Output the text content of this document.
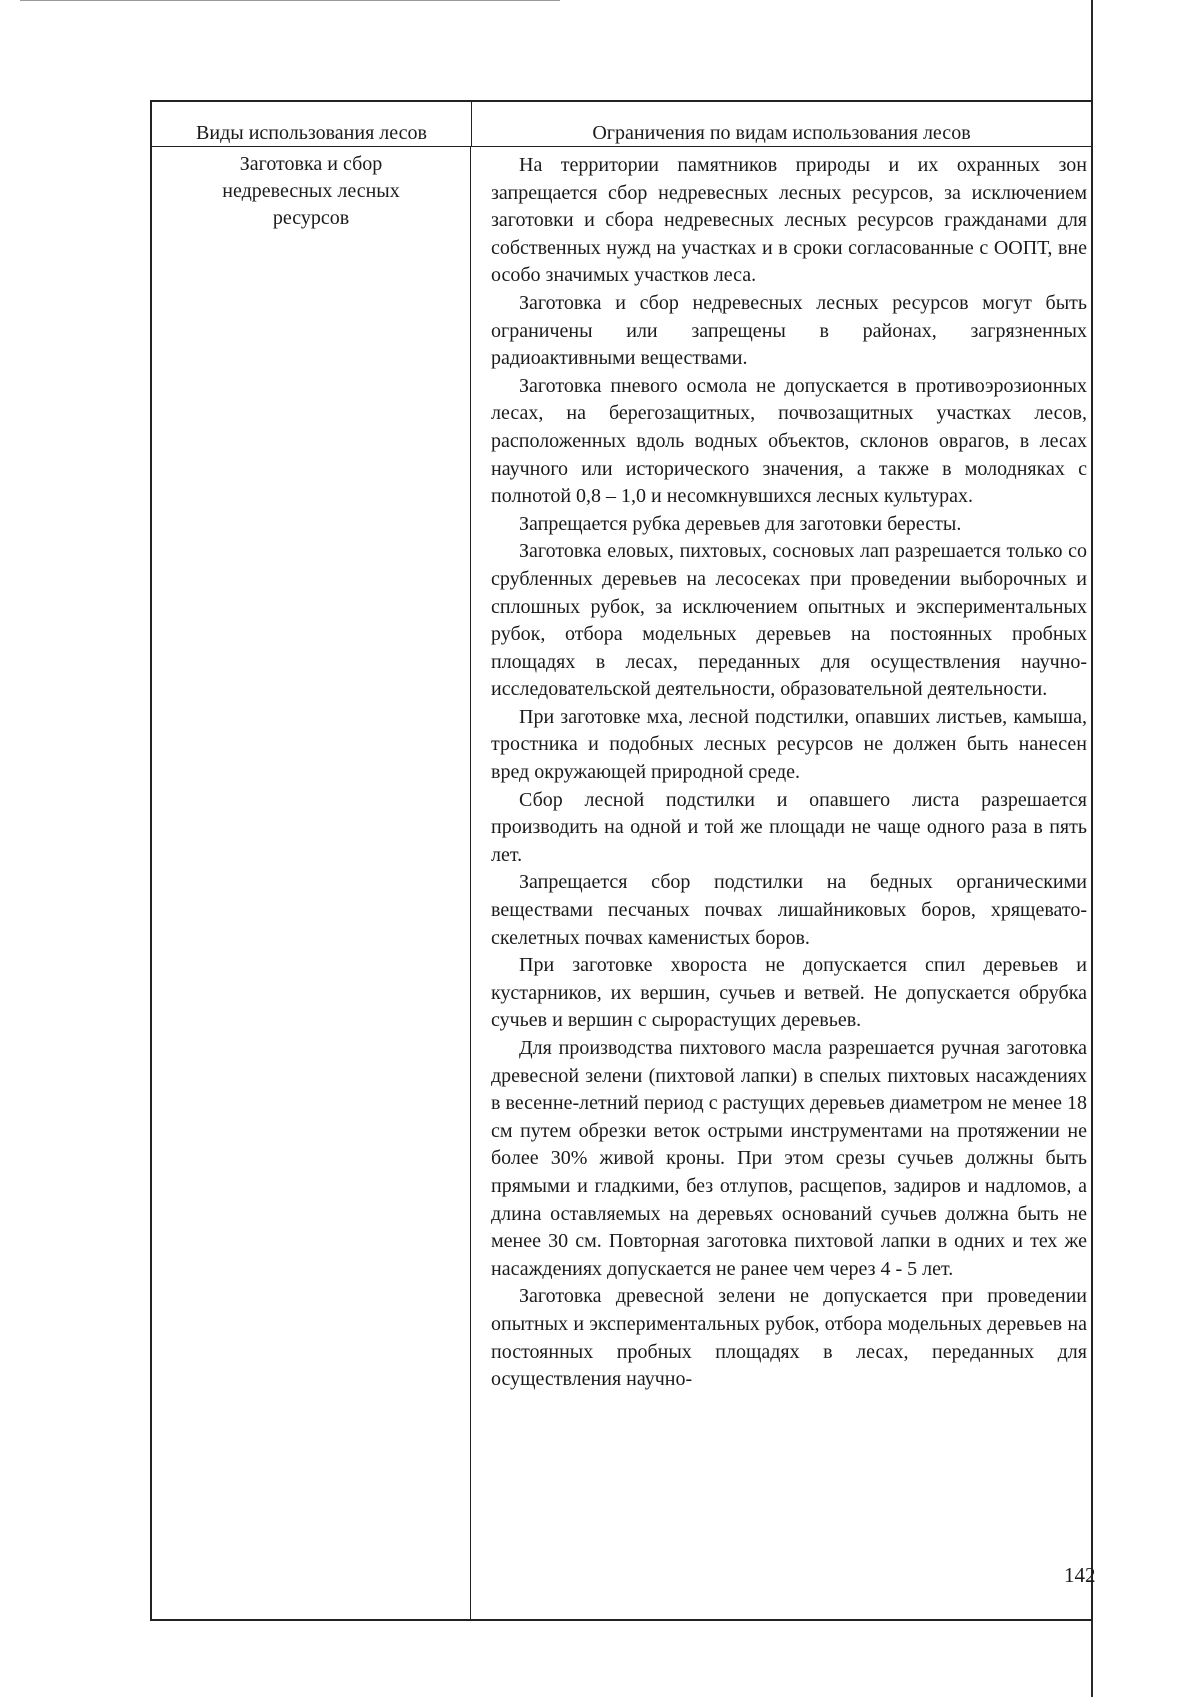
Виды использования лесов	Ограничения по видам использования лесов
Заготовка и сбор
недревесных лесных
ресурсов

На территории памятников природы и их охранных зон запрещается сбор недревесных лесных ресурсов, за исключением заготовки и сбора недревесных лесных ресурсов гражданами для собственных нужд на участках и в сроки согласованные с ООПТ, вне особо значимых участков леса.

Заготовка и сбор недревесных лесных ресурсов могут быть ограничены или запрещены в районах, загрязненных радиоактивными веществами.

Заготовка пневого осмола не допускается в противоэрозионных лесах, на берегозащитных, почвозащитных участках лесов, расположенных вдоль водных объектов, склонов оврагов, в лесах научного или исторического значения, а также в молодняках с полнотой 0,8 – 1,0 и несомкнувшихся лесных культурах.

Запрещается рубка деревьев для заготовки бересты.

Заготовка еловых, пихтовых, сосновых лап разрешается только со срубленных деревьев на лесосеках при проведении выборочных и сплошных рубок, за исключением опытных и экспериментальных рубок, отбора модельных деревьев на постоянных пробных площадях в лесах, переданных для осуществления научно-исследовательской деятельности, образовательной деятельности.

При заготовке мха, лесной подстилки, опавших листьев, камыша, тростника и подобных лесных ресурсов не должен быть нанесен вред окружающей природной среде.

Сбор лесной подстилки и опавшего листа разрешается производить на одной и той же площади не чаще одного раза в пять лет.

Запрещается сбор подстилки на бедных органическими веществами песчаных почвах лишайниковых боров, хрящевато-скелетных почвах каменистых боров.

При заготовке хвороста не допускается спил деревьев и кустарников, их вершин, сучьев и ветвей. Не допускается обрубка сучьев и вершин с сырорастущих деревьев.

Для производства пихтового масла разрешается ручная заготовка древесной зелени (пихтовой лапки) в спелых пихтовых насаждениях в весенне-летний период с растущих деревьев диаметром не менее 18 см путем обрезки веток острыми инструментами на протяжении не более 30% живой кроны. При этом срезы сучьев должны быть прямыми и гладкими, без отлупов, расщепов, задиров и надломов, а длина оставляемых на деревьях оснований сучьев должна быть не менее 30 см. Повторная заготовка пихтовой лапки в одних и тех же насаждениях допускается не ранее чем через 4 - 5 лет.

Заготовка древесной зелени не допускается при проведении опытных и экспериментальных рубок, отбора модельных деревьев на постоянных пробных площадях в лесах, переданных для осуществления научно-

142
